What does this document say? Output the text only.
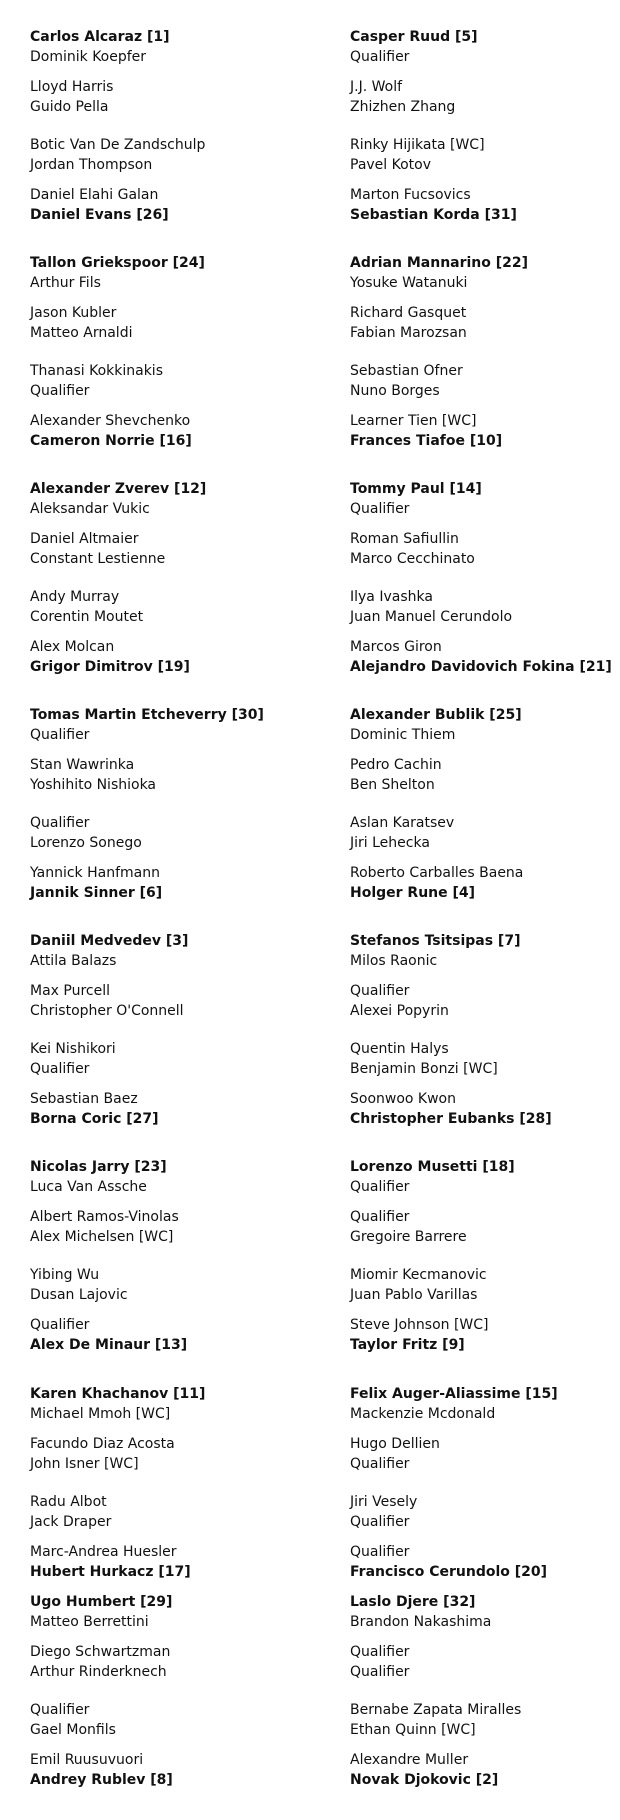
Carlos Alcaraz [1]
Dominik Koepfer
Lloyd Harris
Guido Pella
Botic Van De Zandschulp
Jordan Thompson
Daniel Elahi Galan
Daniel Evans [26]
Tallon Griekspoor [24]
Arthur Fils
Jason Kubler
Matteo Arnaldi
Thanasi Kokkinakis
Qualifier
Alexander Shevchenko
Cameron Norrie [16]
Alexander Zverev [12]
Aleksandar Vukic
Daniel Altmaier
Constant Lestienne
Andy Murray
Corentin Moutet
Alex Molcan
Grigor Dimitrov [19]
Tomas Martin Etcheverry [30]
Qualifier
Stan Wawrinka
Yoshihito Nishioka
Qualifier
Lorenzo Sonego
Yannick Hanfmann
Jannik Sinner [6]
Daniil Medvedev [3]
Attila Balazs
Max Purcell
Christopher O'Connell
Kei Nishikori
Qualifier
Sebastian Baez
Borna Coric [27]
Nicolas Jarry [23]
Luca Van Assche
Albert Ramos-Vinolas
Alex Michelsen [WC]
Yibing Wu
Dusan Lajovic
Qualifier
Alex De Minaur [13]
Karen Khachanov [11]
Michael Mmoh [WC]
Facundo Diaz Acosta
John Isner [WC]
Radu Albot
Jack Draper
Marc-Andrea Huesler
Hubert Hurkacz [17]
Ugo Humbert [29]
Matteo Berrettini
Diego Schwartzman
Arthur Rinderknech
Qualifier
Gael Monfils
Emil Ruusuvuori
Andrey Rublev [8]
Casper Ruud [5]
Qualifier
J.J. Wolf
Zhizhen Zhang
Rinky Hijikata [WC]
Pavel Kotov
Marton Fucsovics
Sebastian Korda [31]
Adrian Mannarino [22]
Yosuke Watanuki
Richard Gasquet
Fabian Marozsan
Sebastian Ofner
Nuno Borges
Learner Tien [WC]
Frances Tiafoe [10]
Tommy Paul [14]
Qualifier
Roman Safiullin
Marco Cecchinato
Ilya Ivashka
Juan Manuel Cerundolo
Marcos Giron
Alejandro Davidovich Fokina [21]
Alexander Bublik [25]
Dominic Thiem
Pedro Cachin
Ben Shelton
Aslan Karatsev
Jiri Lehecka
Roberto Carballes Baena
Holger Rune [4]
Stefanos Tsitsipas [7]
Milos Raonic
Qualifier
Alexei Popyrin
Quentin Halys
Benjamin Bonzi [WC]
Soonwoo Kwon
Christopher Eubanks [28]
Lorenzo Musetti [18]
Qualifier
Qualifier
Gregoire Barrere
Miomir Kecmanovic
Juan Pablo Varillas
Steve Johnson [WC]
Taylor Fritz [9]
Felix Auger-Aliassime [15]
Mackenzie Mcdonald
Hugo Dellien
Qualifier
Jiri Vesely
Qualifier
Qualifier
Francisco Cerundolo [20]
Laslo Djere [32]
Brandon Nakashima
Qualifier
Qualifier
Bernabe Zapata Miralles
Ethan Quinn [WC]
Alexandre Muller
Novak Djokovic [2]
